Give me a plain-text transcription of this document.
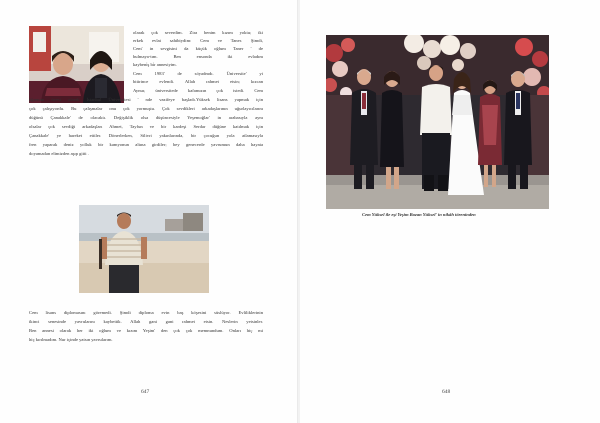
olarak çok severdim. Zira benim kızım yoktu; iki
erkek evlat sahibiydim: Cem ve Taner. Şimdi,
Cem' in sevgisini da küçük oğlum Taner ' de
bulmaya-tım. Ben ensonda iki evladım
kaybeni̇ş bi̇r annesiyim.
Cem 1983' de söyadmdı. Üniversite' yi
bitirince evlendi. Allah rahmet etsin; kızcan
Aynur, üniversitede kafamızın çok istedi. Cem
öğrenim üyesi olarak İstanbul Üniversitesi ' nde vazifeye başladı.Yüksek lisans yapmak için
çok çalışıyordu. Bu çalışmalar onu çok yormuştu. Çok sevdikleri arkadaşlarının uğurlayıcılarını
düğünü Çanakkale' de olacaktı. Değişiklik olsa düşüncesiyle Yeşemoğlar' in arabasıyla aynı
olsalar çok sevdiği arkadaşları Ahmet, Tayfun ve bir kardeşi Serdar düğüne katılmak için
Çanakkale' ye hareket ettiler. Dönerlerken, Silivri yakınlarında, bir çocuğun yola atlamasıyla
fren yaparak deniz yolluk bir kamyonun altına girdiler; bey genecerde yavrumun daha hayata
doyamadan elimizden aşıp gitti .
Cem lisans diplomasını göremedi. Şimdi diploma evin baş köşesini süslüyor. Evliliklerinin
ikinci senesinde yavrularını kaybettik. Allah gani gani rahmet etsin. Neslerin yetsinler.
Ben annesi olarak her iki oğlum ve kızım Yeşim' den çok çok memnundum. Onları hiç mi
hiç kırılmadım. Nur içinde yatsın yavrularım.
647
Cem Yüksel ile eşi Yeşim Bozan Yüksel' in nikâh töreninden
648
